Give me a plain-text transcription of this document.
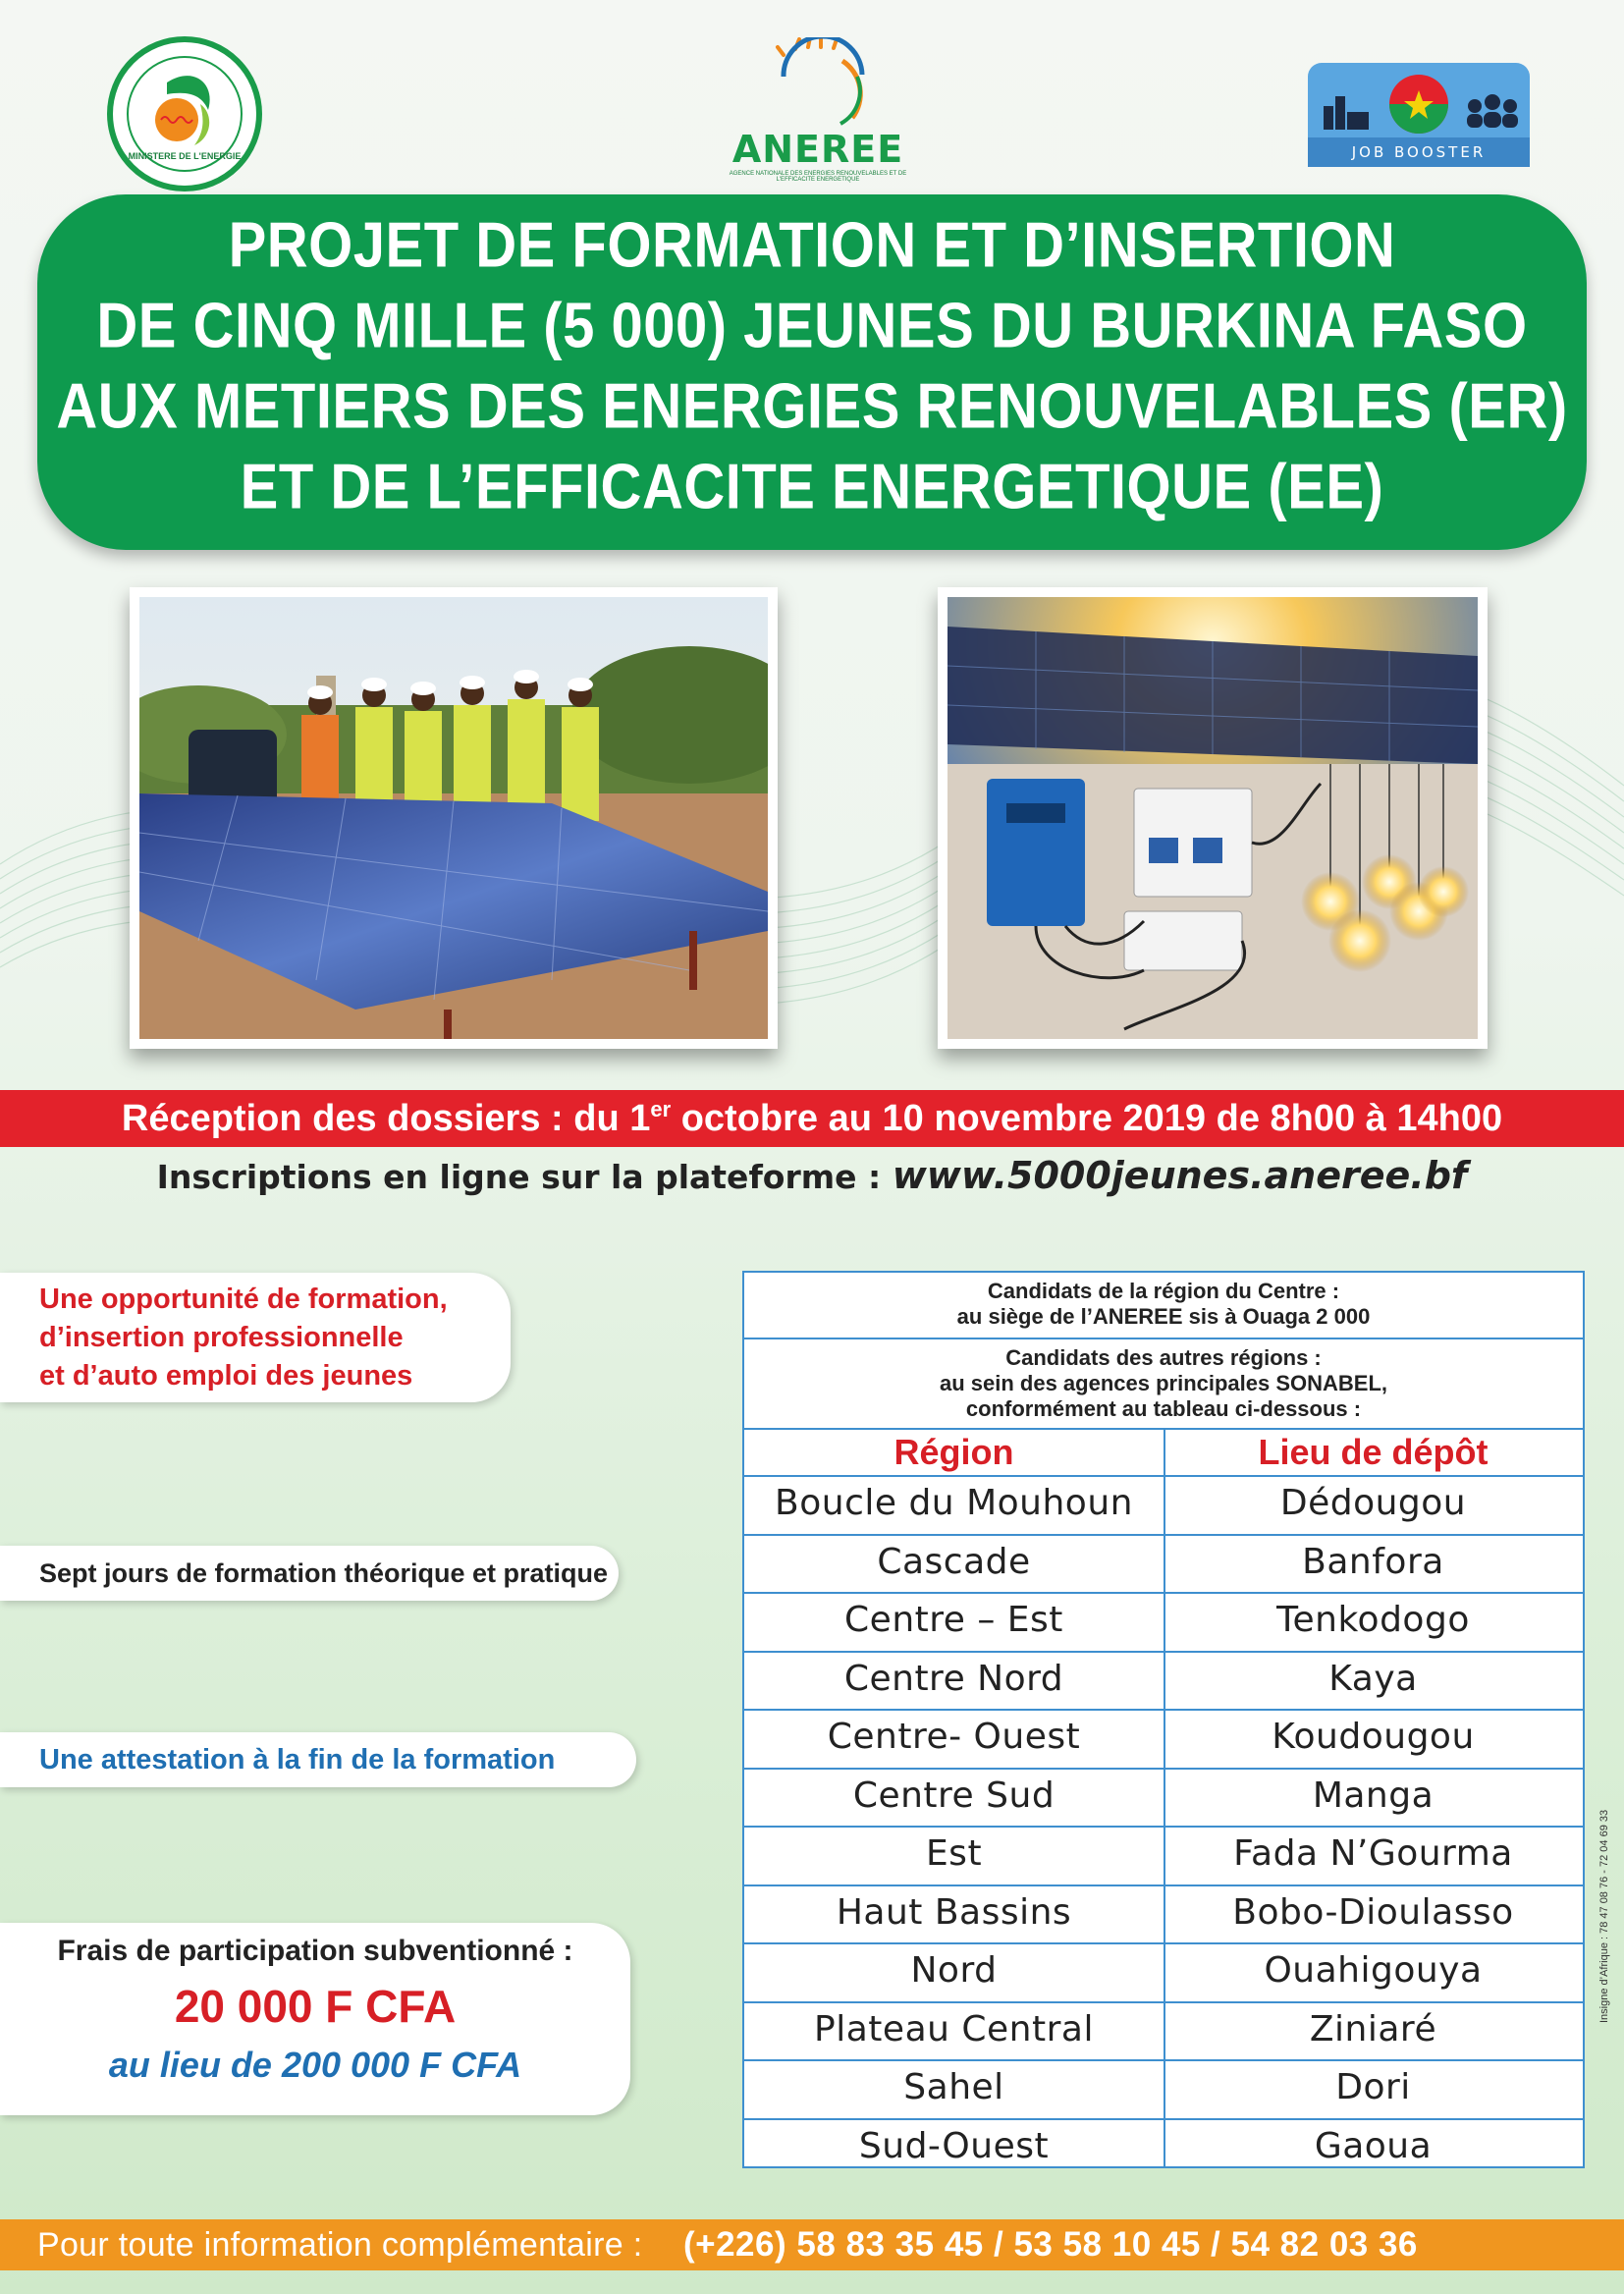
MINISTERE DE L'ENERGIE	ANEREE
AGENCE NATIONALE DES ENERGIES RENOUVELABLES ET DE L'EFFICACITE ENERGETIQUE
JOB BOOSTER
PROJET DE FORMATION ET D’INSERTION
DE CINQ MILLE (5 000) JEUNES DU BURKINA FASO
AUX METIERS DES ENERGIES RENOUVELABLES (ER)
ET DE L’EFFICACITE ENERGETIQUE (EE)
Réception des dossiers : du 1er octobre au 10 novembre 2019 de 8h00 à 14h00
Inscriptions en ligne sur la plateforme : www.5000jeunes.aneree.bf
Une opportunité de formation,
d’insertion professionnelle
et d’auto emploi des jeunes
Sept jours de formation théorique et pratique
Une attestation à la fin de la formation
Frais de participation subventionné :
20 000 F CFA
au lieu de 200 000 F CFA
Candidats de la région du Centre :
au siège de l’ANEREE sis à Ouaga 2 000
Candidats des autres régions :
au sein des agences principales SONABEL,
conformément au tableau ci-dessous :
Région	Lieu de dépôt
Boucle du Mouhoun	Dédougou
Cascade	Banfora
Centre – Est	Tenkodogo
Centre Nord	Kaya
Centre- Ouest	Koudougou
Centre Sud	Manga
Est	Fada N’Gourma
Haut Bassins	Bobo-Dioulasso
Nord	Ouahigouya
Plateau Central	Ziniaré
Sahel	Dori
Sud-Ouest	Gaoua
Insigne d’Afrique : 78 47 08 76 - 72 04 69 33
Pour toute information complémentaire : (+226) 58 83 35 45 / 53 58 10 45 / 54 82 03 36
